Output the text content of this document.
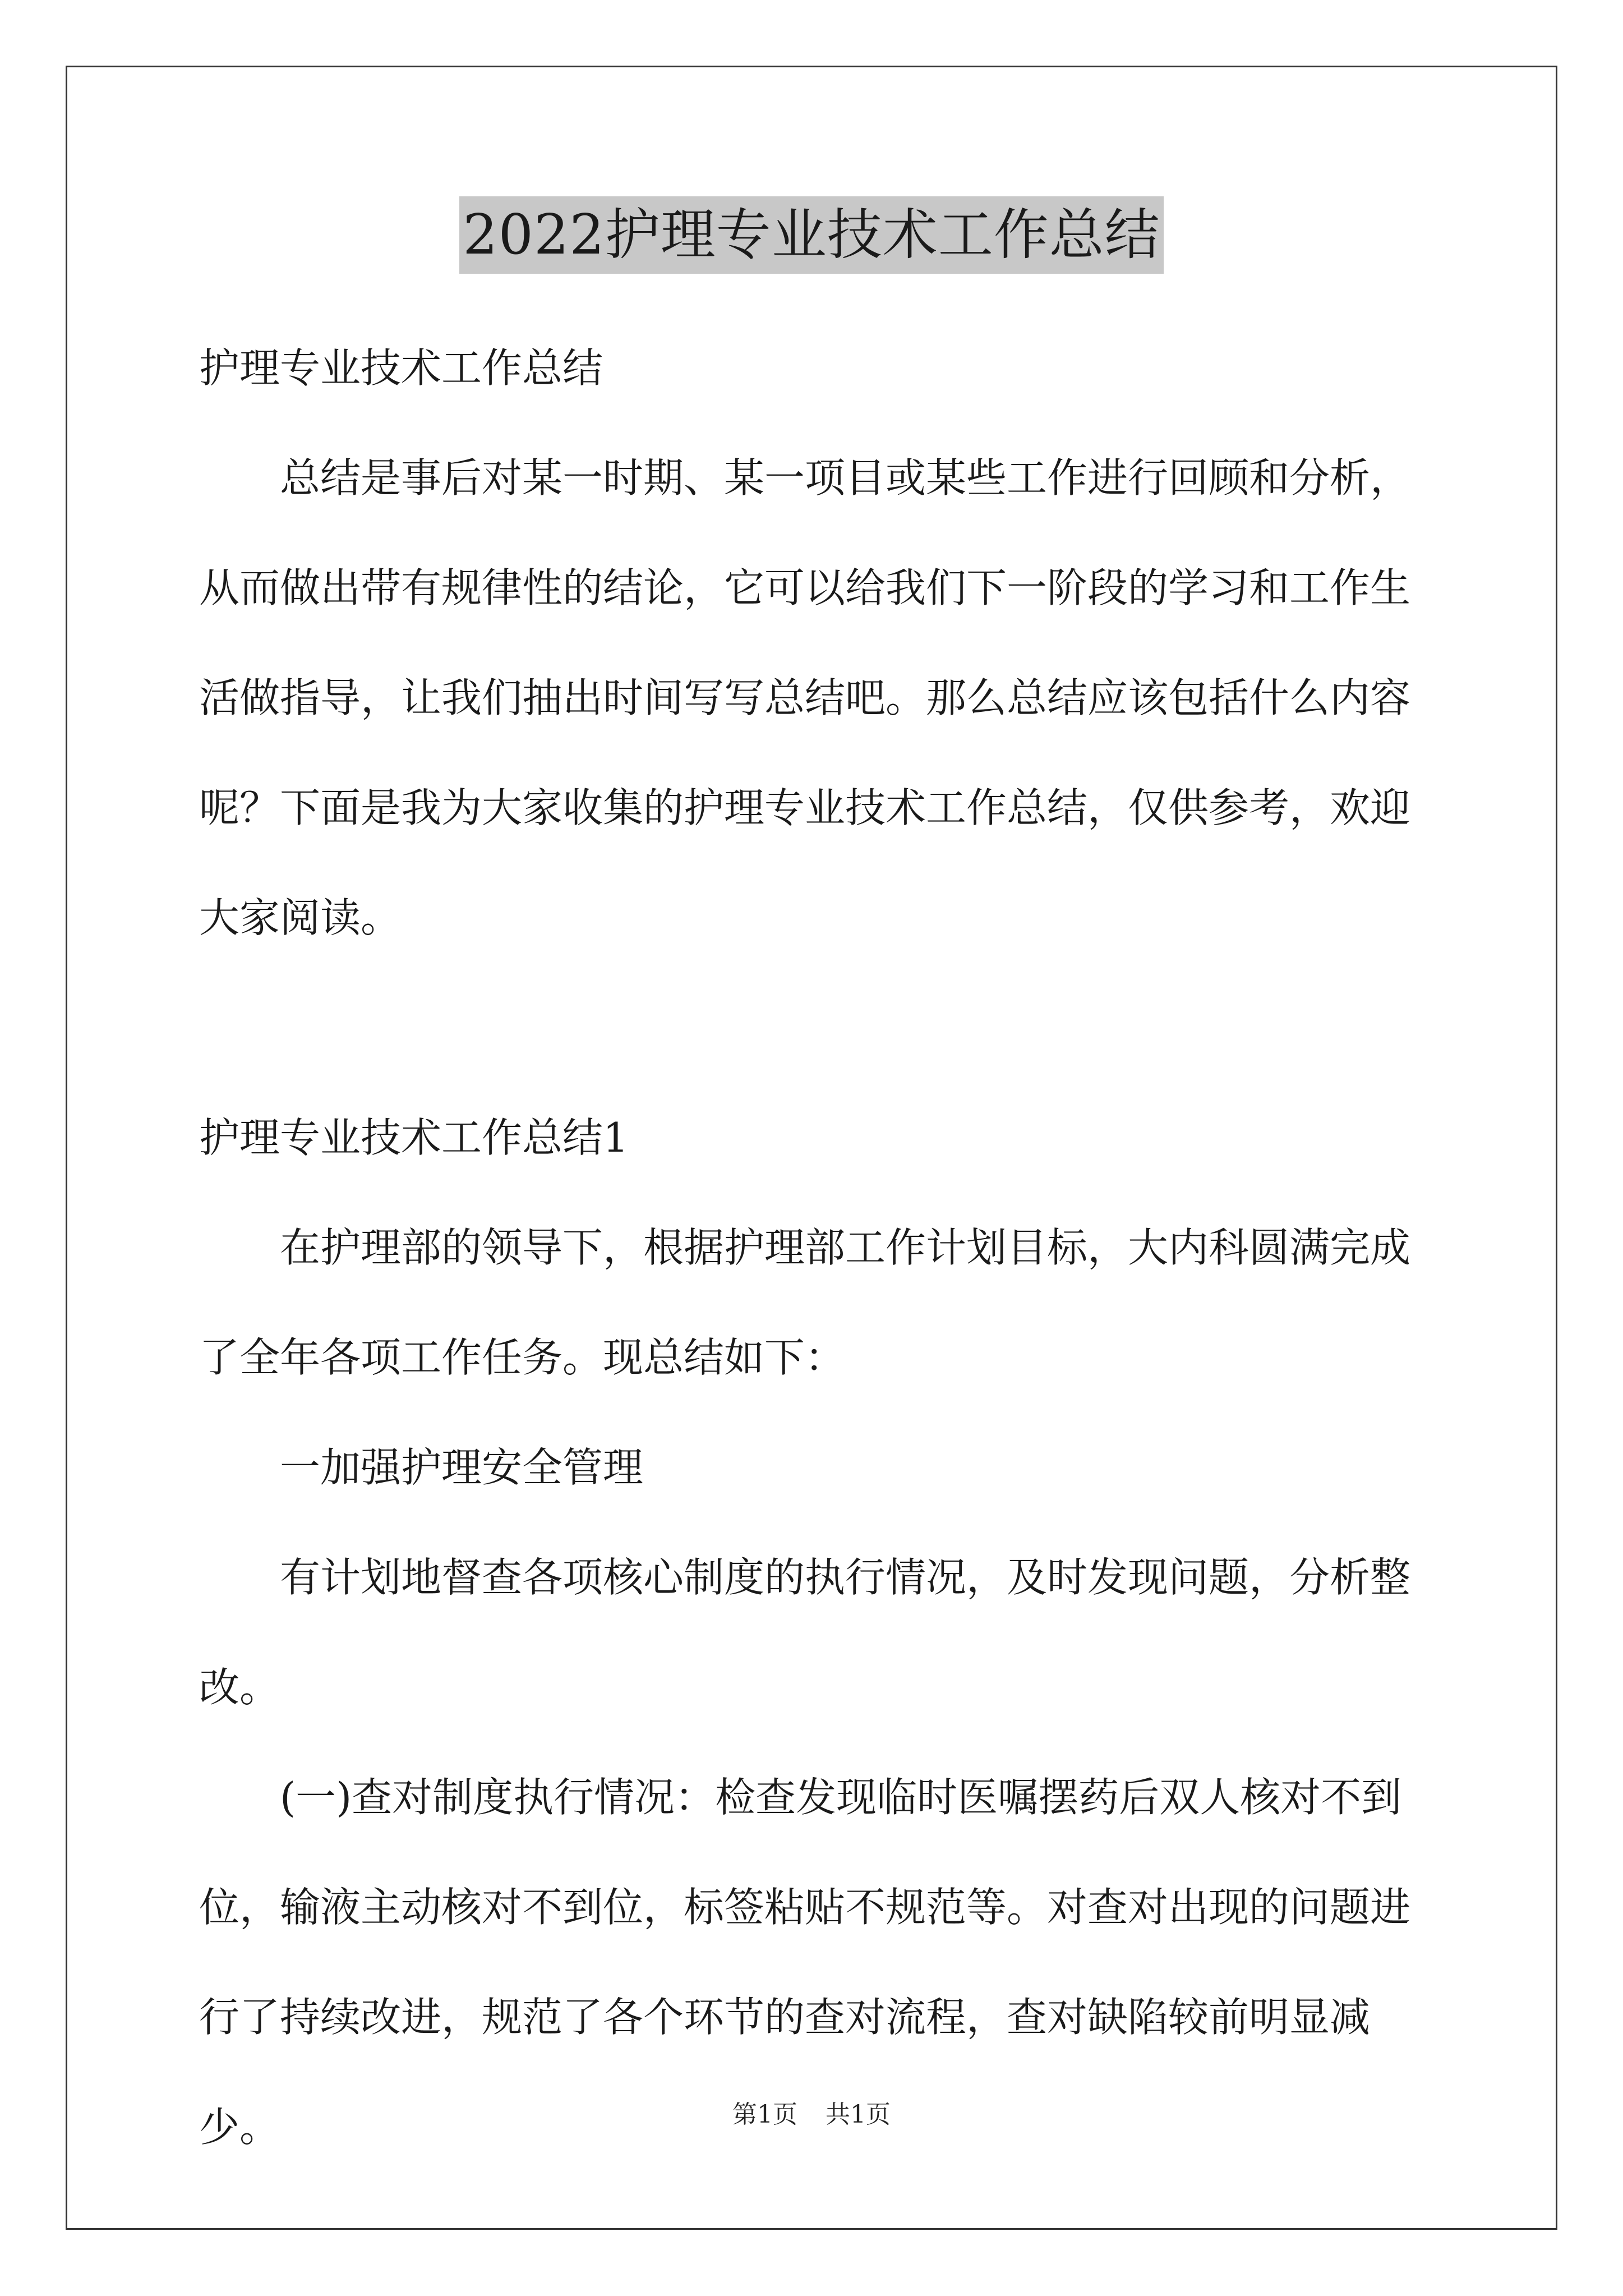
2022护理专业技术工作总结

护理专业技术工作总结

总结是事后对某一时期、某一项目或某些工作进行回顾和分析，从而做出带有规律性的结论，它可以给我们下一阶段的学习和工作生活做指导，让我们抽出时间写写总结吧。那么总结应该包括什么内容呢？下面是我为大家收集的护理专业技术工作总结，仅供参考，欢迎大家阅读。

护理专业技术工作总结1

在护理部的领导下，根据护理部工作计划目标，大内科圆满完成了全年各项工作任务。现总结如下：

一加强护理安全管理

有计划地督查各项核心制度的执行情况，及时发现问题，分析整改。

(一)查对制度执行情况：检查发现临时医嘱摆药后双人核对不到位，输液主动核对不到位，标签粘贴不规范等。对查对出现的问题进行了持续改进，规范了各个环节的查对流程，查对缺陷较前明显减少。	第1页 共1页
